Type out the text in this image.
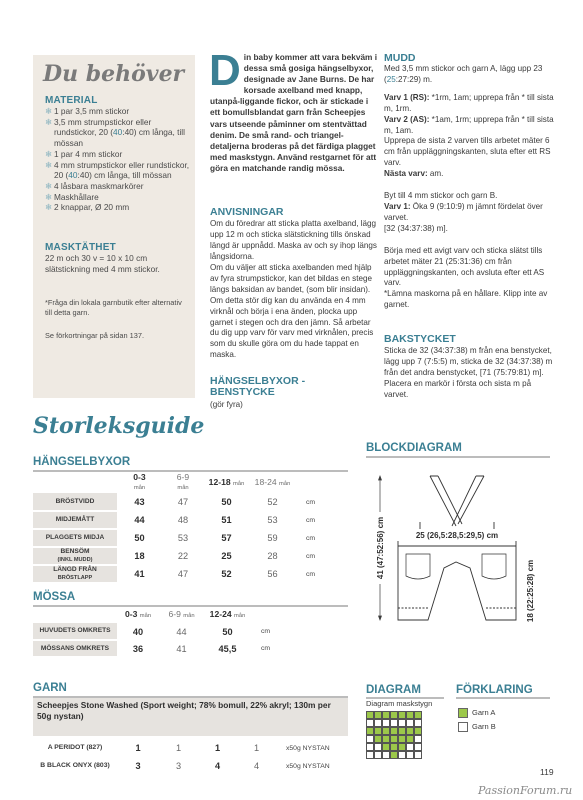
Du behöver
MATERIAL
❄ 1 par 3,5 mm stickor
❄ 3,5 mm strumpstickor eller rundstickor, 20 (40:40) cm långa, till mössan
❄ 1 par 4 mm stickor
❄ 4 mm strumpstickor eller rundstickor, 20 (40:40) cm långa, till mössan
❄ 4 låsbara maskmarkörer
❄ Maskhållare
❄ 2 knappar, Ø 20 mm
MASKTÄTHET
22 m och 30 v = 10 x 10 cm slätstickning med 4 mm stickor.
*Fråga din lokala garnbutik efter alternativ till detta garn.
Se förkortningar på sidan 137.
Din baby kommer att vara bekväm i dessa små gosiga hängselbyxor, designade av Jane Burns. De har korsade axelband med knapp, utanpå-liggande fickor, och är stickade i ett bomullsblandat garn från Scheepjes vars utseende påminner om stentvättad denim. De små rand- och triangel-detaljerna broderas på det färdiga plagget med maskstygn. Använd restgarnet för att göra en matchande randig mössa.
ANVISNINGAR
Om du föredrar att sticka platta axelband, lägg upp 12 m och sticka slätstickning tills önskad längd är uppnådd. Maska av och sy ihop längs långsidorna.
Om du väljer att sticka axelbanden med hjälp av fyra strumpstickor, kan det bildas en stege längs baksidan av bandet, (som blir insidan). Om detta stör dig kan du använda en 4 mm virknål och börja i ena änden, plocka upp garnet i stegen och dra den jämn. Så arbetar du dig upp varv för varv med virknålen, precis som du skulle göra om du hade tappat en maska.
HÄNGSELBYXOR - BENSTYCKE
(gör fyra)
MUDD
Med 3,5 mm stickor och garn A, lägg upp 23 (25:27:29) m.
Varv 1 (RS): *1rm, 1am; upprepa från * till sista m, 1rm.
Varv 2 (AS): *1am, 1rm; upprepa från * till sista m, 1am.
Upprepa de sista 2 varven tills arbetet mäter 6 cm från uppläggningskanten, sluta efter ett RS varv.
Nästa varv: am.
Byt till 4 mm stickor och garn B.
Varv 1: Öka 9 (9:10:9) m jämnt fördelat över varvet.
[32 (34:37:38) m].
Börja med ett avigt varv och sticka slätst tills arbetet mäter 21 (25:31:36) cm från uppläggningskanten, och avsluta efter ett AS varv.
*Lämna maskorna på en hållare. Klipp inte av garnet.
BAKSTYCKET
Sticka de 32 (34:37:38) m från ena benstycket, lägg upp 7 (7:5:5) m, sticka de 32 (34:37:38) m från det andra benstycket, [71 (75:79:81) m]. Placera en markör i första och sista m på varvet.
Storleksguide
HÄNGSELBYXOR
	0-3
mån	6-9
mån	12-18 mån	18-24 mån	
BRÖSTVIDD	43	47	50	52	cm
MIDJEMÅTT	44	48	51	53	cm
PLAGGETS MIDJA	50	53	57	59	cm
BENSÖM
(INKL MUDD)	18	22	25	28	cm
LÄNGD FRÅN
BRÖSTLAPP	41	47	52	56	cm
MÖSSA
	0-3 mån	6-9 mån	12-24 mån	
HUVUDETS OMKRETS	40	44	50	cm
MÖSSANS OMKRETS	36	41	45,5	cm
GARN
Scheepjes Stone Washed (Sport weight; 78% bomull, 22% akryl; 130m per 50g nystan)
A PERIDOT (827)	1	1	1	1	x50g NYSTAN
B BLACK ONYX (803)	3	3	4	4	x50g NYSTAN
BLOCKDIAGRAM
25 (26,5:28,5:29,5) cm
41 (47:52:56) cm
18 (22:25:28) cm
DIAGRAM
Diagram maskstygn
FÖRKLARING
Garn A
Garn B
119
PassionForum.ru
